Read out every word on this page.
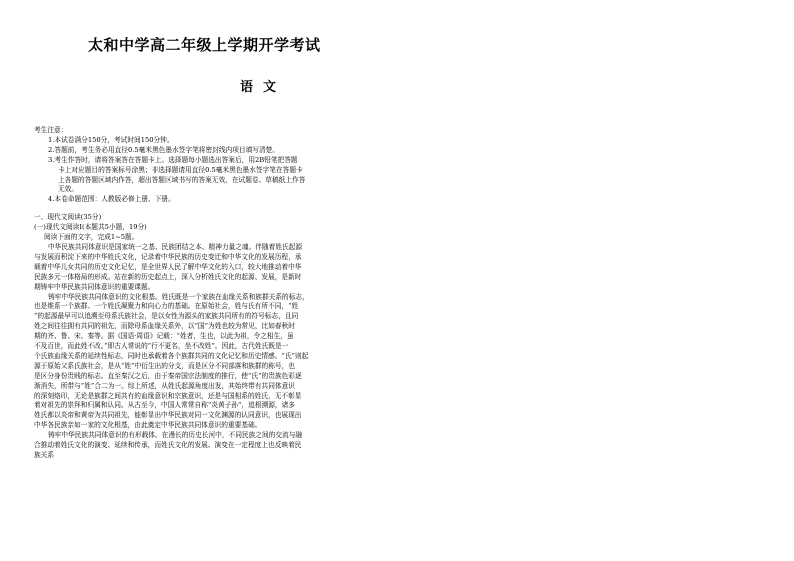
太和中学高二年级上学期开学考试
语文
考生注意：
1.本试卷满分150分，考试时间150分钟。
2.答题前，考生务必用直径0.5毫米黑色墨水签字笔将密封线内项目填写清楚。
3.考生作答时，请将答案答在答题卡上。选择题每小题选出答案后，用2B铅笔把答题
卡上对应题目的答案标号涂黑；非选择题请用直径0.5毫米黑色墨水签字笔在答题卡
上各题的答题区域内作答，超出答题区域书写的答案无效，在试题卷、草稿纸上作答
无效。
4.本卷命题范围：人教版必修上册、下册。
一、现代文阅读(35分)
(一)现代文阅读Ⅰ(本题共5小题，19分)
阅读下面的文字，完成1~5题。
中华民族共同体意识是国家统一之基、民族团结之本、精神力量之魂。伴随着姓氏起源
与发展而积淀下来的中华姓氏文化，记录着中华民族的历史变迁和中华文化的发展历程，承
载着中华儿女共同的历史文化记忆，是全世界人民了解中华文化的入口，较大地推动着中华
民族多元一体格局的形成。站在新的历史起点上，深入分析姓氏文化的起源、发展，是新时
期铸牢中华民族共同体意识的重要课题。
铸牢中华民族共同体意识的文化根基。姓氏既是一个家族在血缘关系和族群关系的标志，
也是维系一个族群、一个姓氏凝聚力和向心力的基础。在原始社会，姓与氏有所不同，“姓
”的起源最早可以追溯至母系氏族社会，是以女性为源头的家族共同所有的符号标志，且同
姓之间往往拥有共同的祖先，而除母系血缘关系外，以“国”为姓也较为常见，比如春秋时
期的齐、鲁、宋、秦等。据《国语·周语》记载：“姓者，生也，以此为祖，令之相生，虽
不及百世，而此姓不改。”即古人常说的“行不更名，坐不改姓”。因此，古代姓氏既是一
个氏族血缘关系的延续性标志，同时也承载着各个族群共同的文化记忆和历史情感。“氏”则起
源于原始父系氏族社会，是从“姓”中衍生出的分支，而是区分不同部落和族群的称号，也
是区分身份贵贱的标志。直至秦汉之后，由于秦帝国宗法制度的推行，使“氏”的贵族色彩逐
渐消失，所带与“姓”合二为一。综上所述，从姓氏起源角度出发，其始终带有共同体意识
的深刻烙印，无论是族群之间共有的血缘意识和宗族意识，还是与国相系的姓氏，无不彰显
着对祖先的崇拜和归属和认同。从古至今，中国人常常自称“炎黄子孙”，追根溯源，诸多
姓氏都以炎帝和黄帝为共同祖先，能彰显出中华民族对同一文化渊源的认同意识，也展现出
中华各民族亲如一家的文化根基，由此奠定中华民族共同体意识的重要基础。
铸牢中华民族共同体意识的有形载体。在漫长的历史长河中，不同民族之间的交流与融
合推动着姓氏文化的演变、延续和传承，而姓氏文化的发展、演变在一定程度上也反映着民
族关系
